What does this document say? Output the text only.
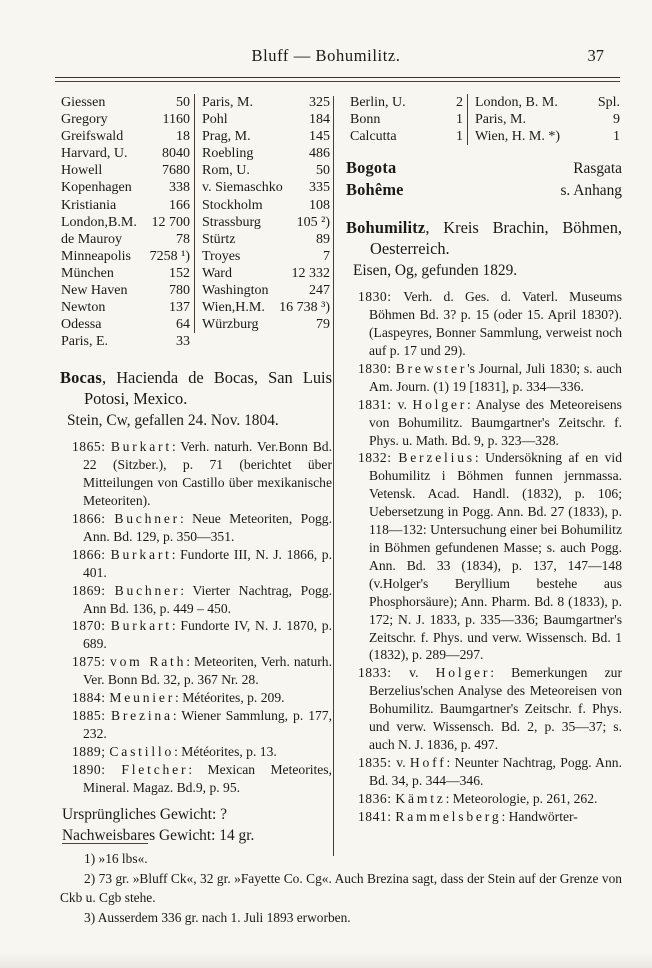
Bluff — Bohumilitz.	37
Giessen	50 Paris, M.	325
Gregory	1160 Pohl	184
Greifswald	18 Prag, M.	145
Harvard, U.	8040 Roebling	486
Howell	7680 Rom, U.	50
Kopenhagen	338 v. Siemaschko	335
Kristiania	166 Stockholm	108
London,B.M.	12 700 Strassburg	105 ²)
de Mauroy	78 Stürtz	89
Minneapolis	7258 ¹) Troyes	7
München	152 Ward	12 332
New Haven	780 Washington	247
Newton	137 Wien,H.M.	16 738 ³)
Odessa	64 Würzburg	79
Paris, E.	33
Bocas, Hacienda de Bocas, San Luis Potosi, Mexico.
Stein, Cw, gefallen 24. Nov. 1804.
1865: Burkart: Verh. naturh. Ver.Bonn Bd. 22 (Sitzber.), p. 71 (berichtet über Mitteilungen von Castillo über mexikanische Meteoriten).
1866: Buchner: Neue Meteoriten, Pogg. Ann. Bd. 129, p. 350—351.
1866: Burkart: Fundorte III, N. J. 1866, p. 401.
1869: Buchner: Vierter Nachtrag, Pogg. Ann Bd. 136, p. 449 – 450.
1870: Burkart: Fundorte IV, N. J. 1870, p. 689.
1875: vom Rath: Meteoriten, Verh. naturh. Ver. Bonn Bd. 32, p. 367 Nr. 28.
1884: Meunier: Météorites, p. 209.
1885: Brezina: Wiener Sammlung, p. 177, 232.
1889; Castillo: Météorites, p. 13.
1890: Fletcher: Mexican Meteorites, Mineral. Magaz. Bd.9, p. 95.
Ursprüngliches Gewicht: ?
Nachweisbares Gewicht: 14 gr.
Berlin, U.	2 London, B. M.	Spl.
Bonn	1 Paris, M.	9
Calcutta	1 Wien, H. M. *)	1
Bogota	Rasgata
Bohême	s. Anhang
Bohumilitz, Kreis Brachin, Böhmen, Oesterreich.
Eisen, Og, gefunden 1829.
1830: Verh. d. Ges. d. Vaterl. Museums Böhmen Bd. 3? p. 15 (oder 15. April 1830?). (Laspeyres, Bonner Sammlung, verweist noch auf p. 17 und 29).
1830: Brewster's Journal, Juli 1830; s. auch Am. Journ. (1) 19 [1831], p. 334—336.
1831: v. Holger: Analyse des Meteoreisens von Bohumilitz. Baumgartner's Zeitschr. f. Phys. u. Math. Bd. 9, p. 323—328.
1832: Berzelius: Undersökning af en vid Bohumilitz i Böhmen funnen jernmassa. Vetensk. Acad. Handl. (1832), p. 106; Uebersetzung in Pogg. Ann. Bd. 27 (1833), p. 118—132: Untersuchung einer bei Bohumilitz in Böhmen gefundenen Masse; s. auch Pogg. Ann. Bd. 33 (1834), p. 137, 147—148 (v.Holger's Beryllium bestehe aus Phosphorsäure); Ann. Pharm. Bd. 8 (1833), p. 172; N. J. 1833, p. 335—336; Baumgartner's Zeitschr. f. Phys. und verw. Wissensch. Bd. 1 (1832), p. 289—297.
1833: v. Holger: Bemerkungen zur Berzelius'schen Analyse des Meteoreisen von Bohumilitz. Baumgartner's Zeitschr. f. Phys. und verw. Wissensch. Bd. 2, p. 35—37; s. auch N. J. 1836, p. 497.
1835: v. Hoff: Neunter Nachtrag, Pogg. Ann. Bd. 34, p. 344—346.
1836: Kämtz: Meteorologie, p. 261, 262.
1841: Rammelsberg: Handwörter-
1) »16 lbs«.
2) 73 gr. »Bluff Ck«, 32 gr. »Fayette Co. Cg«. Auch Brezina sagt, dass der Stein auf der Grenze von Ckb u. Cgb stehe.
3) Ausserdem 336 gr. nach 1. Juli 1893 erworben.
